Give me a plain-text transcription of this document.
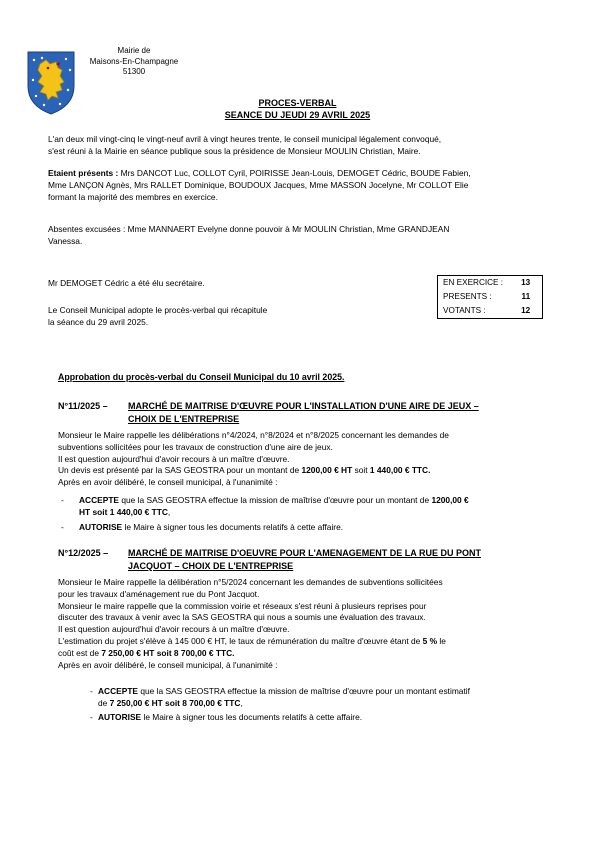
Mairie de
Maisons-En-Champagne
51300
PROCES-VERBAL
SEANCE DU JEUDI 29 AVRIL 2025

L'an deux mil vingt-cinq le vingt-neuf avril à vingt heures trente, le conseil municipal légalement convoqué,

s'est réuni à la Mairie en séance publique sous la présidence de Monsieur MOULIN Christian, Maire.

Etaient présents : Mrs DANCOT Luc, COLLOT Cyril, POIRISSE Jean-Louis, DEMOGET Cédric, BOUDE Fabien,

Mme LANÇON Agnès, Mrs RALLET Dominique, BOUDOUX Jacques, Mme MASSON Jocelyne, Mr COLLOT Elie

formant la majorité des membres en exercice.

Absentes excusées : Mme MANNAERT Evelyne donne pouvoir à Mr MOULIN Christian, Mme GRANDJEAN

Vanessa.

Mr DEMOGET Cédric a été élu secrétaire.

Le Conseil Municipal adopte le procès-verbal qui récapitule

la séance du 29 avril 2025.

EN EXERCICE :	13
PRESENTS :	11
VOTANTS :	12
Approbation du procès-verbal du Conseil Municipal du 10 avril 2025.
N°11/2025 – MARCHÉ DE MAITRISE D'ŒUVRE POUR L'INSTALLATION D'UNE AIRE DE JEUX –
CHOIX DE L'ENTREPRISE

Monsieur le Maire rappelle les délibérations n°4/2024, n°8/2024 et n°8/2025 concernant les demandes de

subventions sollicitées pour les travaux de construction d'une aire de jeux.

Il est question aujourd'hui d'avoir recours à un maître d'œuvre.

Un devis est présenté par la SAS GEOSTRA pour un montant de 1200,00 € HT soit 1 440,00 € TTC.

Après en avoir délibéré, le conseil municipal, à l'unanimité :

- ACCEPTE que la SAS GEOSTRA effectue la mission de maîtrise d'œuvre pour un montant de 1200,00 €
HT soit 1 440,00 € TTC,
- AUTORISE le Maire à signer tous les documents relatifs à cette affaire.
N°12/2025 – MARCHÉ DE MAITRISE D'OEUVRE POUR L'AMENAGEMENT DE LA RUE DU PONT
JACQUOT – CHOIX DE L'ENTREPRISE

Monsieur le Maire rappelle la délibération n°5/2024 concernant les demandes de subventions sollicitées

pour les travaux d'aménagement rue du Pont Jacquot.

Monsieur le maire rappelle que la commission voirie et réseaux s'est réuni à plusieurs reprises pour

discuter des travaux à venir avec la SAS GEOSTRA qui nous a soumis une évaluation des travaux.

Il est question aujourd'hui d'avoir recours à un maître d'œuvre.

L'estimation du projet s'élève à 145 000 € HT, le taux de rémunération du maître d'œuvre étant de 5 % le

coût est de 7 250,00 € HT soit 8 700,00 € TTC.

Après en avoir délibéré, le conseil municipal, à l'unanimité :

- ACCEPTE que la SAS GEOSTRA effectue la mission de maîtrise d'œuvre pour un montant estimatif
de 7 250,00 € HT soit 8 700,00 € TTC,
- AUTORISE le Maire à signer tous les documents relatifs à cette affaire.
